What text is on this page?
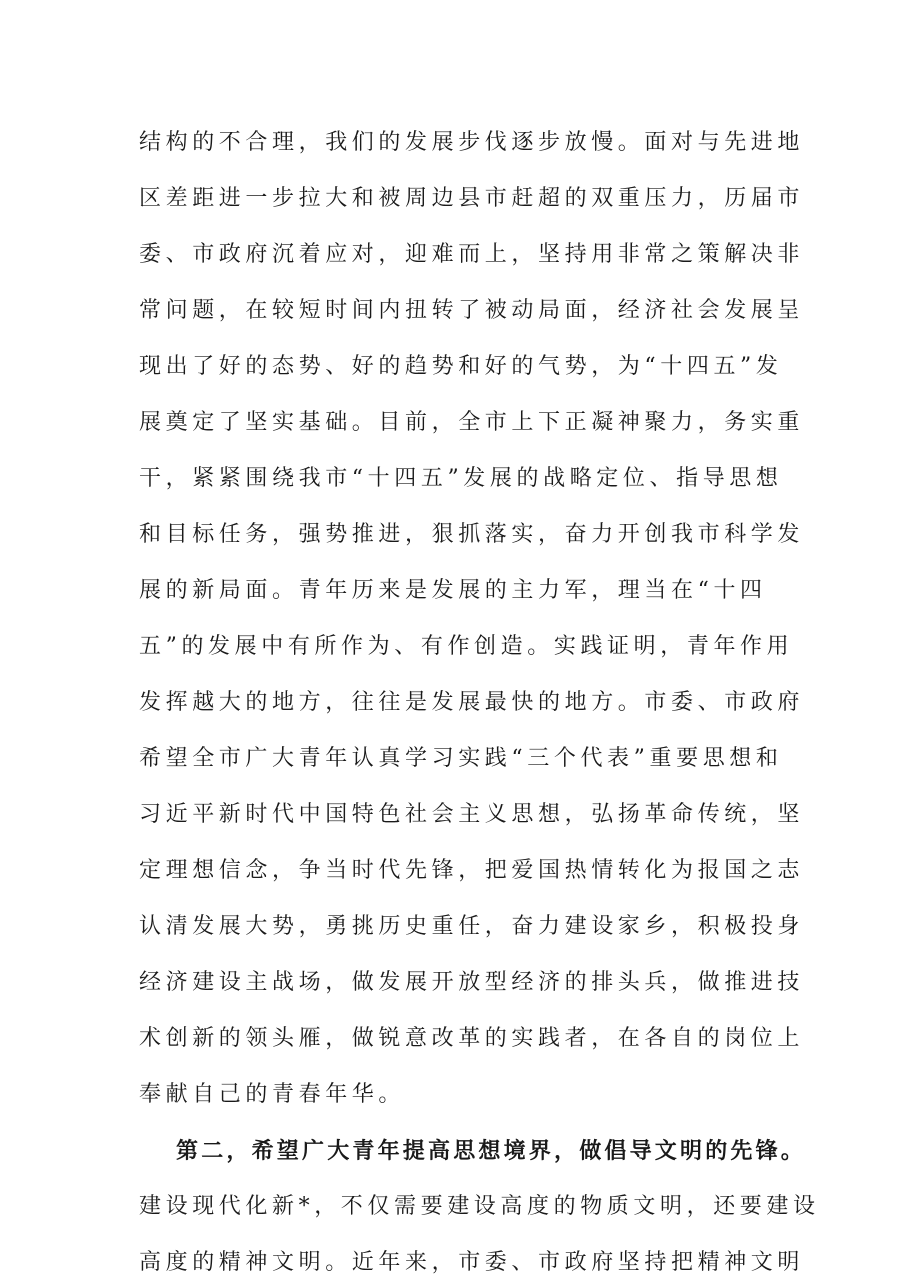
结构的不合理，我们的发展步伐逐步放慢。面对与先进地
区差距进一步拉大和被周边县市赶超的双重压力，历届市
委、市政府沉着应对，迎难而上，坚持用非常之策解决非
常问题，在较短时间内扭转了被动局面，经济社会发展呈
现出了好的态势、好的趋势和好的气势，为“十四五”发
展奠定了坚实基础。目前，全市上下正凝神聚力，务实重
干，紧紧围绕我市“十四五”发展的战略定位、指导思想
和目标任务，强势推进，狠抓落实，奋力开创我市科学发
展的新局面。青年历来是发展的主力军，理当在“十四
五”的发展中有所作为、有作创造。实践证明，青年作用
发挥越大的地方，往往是发展最快的地方。市委、市政府
希望全市广大青年认真学习实践“三个代表”重要思想和
习近平新时代中国特色社会主义思想，弘扬革命传统，坚
定理想信念，争当时代先锋，把爱国热情转化为报国之志
认清发展大势，勇挑历史重任，奋力建设家乡，积极投身
经济建设主战场，做发展开放型经济的排头兵，做推进技
术创新的领头雁，做锐意改革的实践者，在各自的岗位上
奉献自己的青春年华。
第二，希望广大青年提高思想境界，做倡导文明的先锋。
建设现代化新*，不仅需要建设高度的物质文明，还要建设
高度的精神文明。近年来，市委、市政府坚持把精神文明
